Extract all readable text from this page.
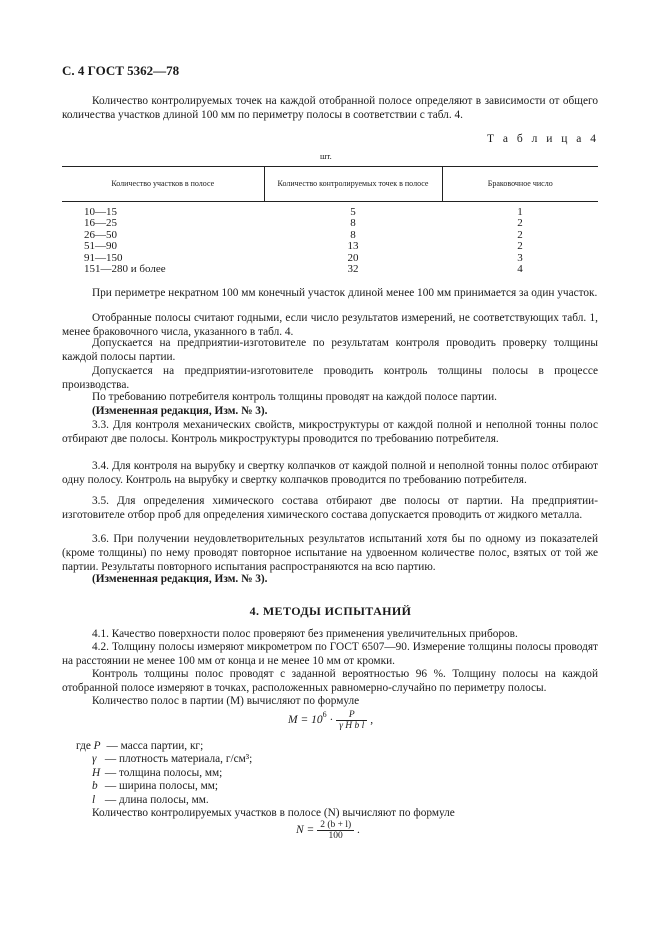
С. 4 ГОСТ 5362—78
Количество контролируемых точек на каждой отобранной полосе определяют в зависимости от общего количества участков длиной 100 мм по периметру полосы в соответствии с табл. 4.
Т а б л и ц а 4
шт.
Количество участков в полосе	Количество контролируемых точек в полосе	Браковочное число
10—15	5	1
16—25	8	2
26—50	8	2
51—90	13	2
91—150	20	3
151—280 и более	32	4
При периметре некратном 100 мм конечный участок длиной менее 100 мм принимается за один участок.
Отобранные полосы считают годными, если число результатов измерений, не соответствующих табл. 1, менее браковочного числа, указанного в табл. 4.
Допускается на предприятии-изготовителе по результатам контроля проводить проверку толщины каждой полосы партии.
Допускается на предприятии-изготовителе проводить контроль толщины полосы в процессе производства.
По требованию потребителя контроль толщины проводят на каждой полосе партии.
(Измененная редакция, Изм. № 3).
3.3. Для контроля механических свойств, микроструктуры от каждой полной и неполной тонны полос отбирают две полосы. Контроль микроструктуры проводится по требованию потребителя.
3.4. Для контроля на вырубку и свертку колпачков от каждой полной и неполной тонны полос отбирают одну полосу. Контроль на вырубку и свертку колпачков проводится по требованию потребителя.
3.5. Для определения химического состава отбирают две полосы от партии. На предприятии-изготовителе отбор проб для определения химического состава допускается проводить от жидкого металла.
3.6. При получении неудовлетворительных результатов испытаний хотя бы по одному из показателей (кроме толщины) по нему проводят повторное испытание на удвоенном количестве полос, взятых от той же партии. Результаты повторного испытания распространяются на всю партию.
(Измененная редакция, Изм. № 3).
4. МЕТОДЫ ИСПЫТАНИЙ
4.1. Качество поверхности полос проверяют без применения увеличительных приборов.
4.2. Толщину полосы измеряют микрометром по ГОСТ 6507—90. Измерение толщины полосы проводят на расстоянии не менее 100 мм от конца и не менее 10 мм от кромки.
Контроль толщины полос проводят с заданной вероятностью 96 %. Толщину полосы на каждой отобранной полосе измеряют в точках, расположенных равномерно-случайно по периметру полосы.
Количество полос в партии (M) вычисляют по формуле
$M = 10^6 \cdot \frac{P}{\text{γ H b l}}$ ,
где P — масса партии, кг;
γ — плотность материала, г/см³;
H — толщина полосы, мм;
b — ширина полосы, мм;
l — длина полосы, мм.
Количество контролируемых участков в полосе (N) вычисляют по формуле
$N = \frac{2 (b + l)}{100}$ .
